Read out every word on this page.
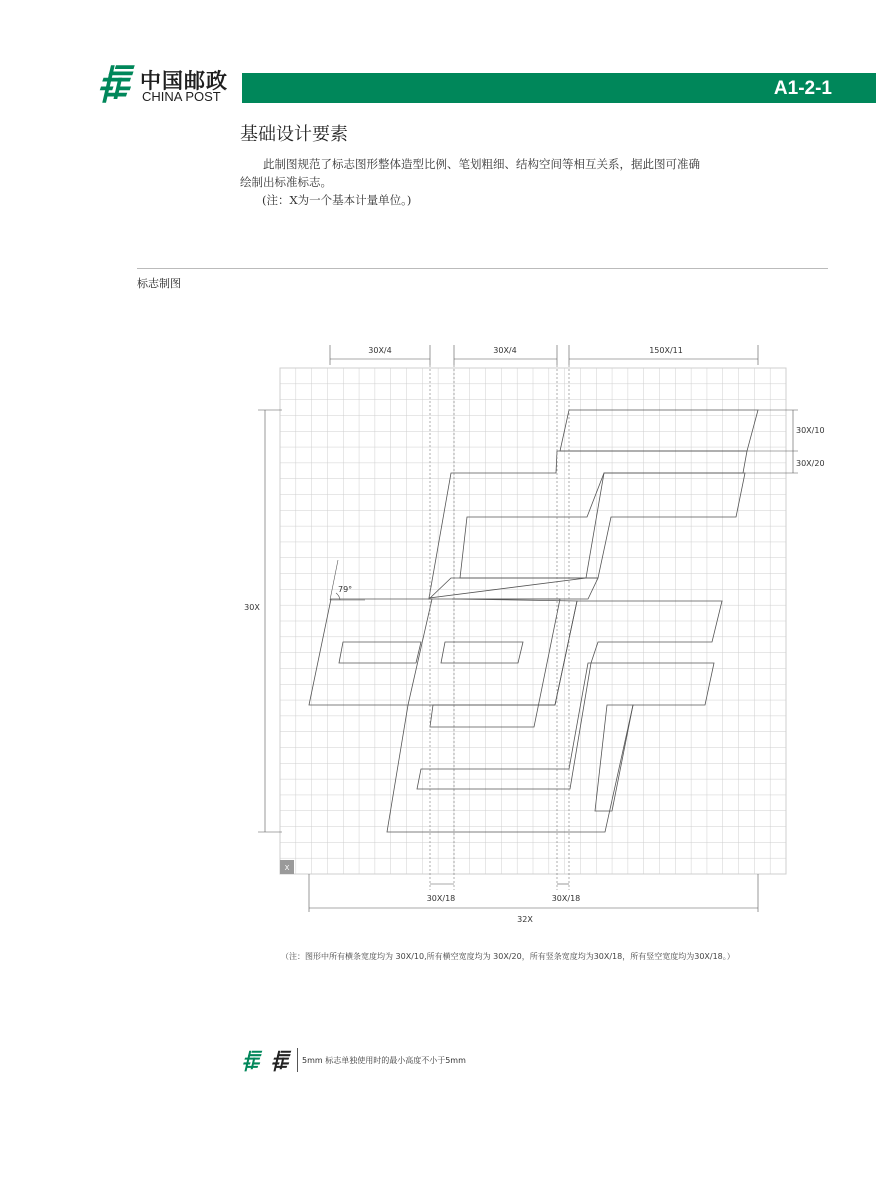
中国邮政
CHINA POST	A1-2-1
基础设计要素
此制图规范了标志图形整体造型比例、笔划粗细、结构空间等相互关系，据此图可准确绘制出标准标志。
(注：X为一个基本计量单位。)
标志制图
79°
30X/4	30X/4	150X/11
30X/10
30X/20
30X
X
30X/18	30X/18
32X
（注：图形中所有横条宽度均为 30X/10,所有横空宽度均为 30X/20，所有竖条宽度均为30X/18，所有竖空宽度均为30X/18。）
5mm 标志单独使用时的最小高度不小于5mm
